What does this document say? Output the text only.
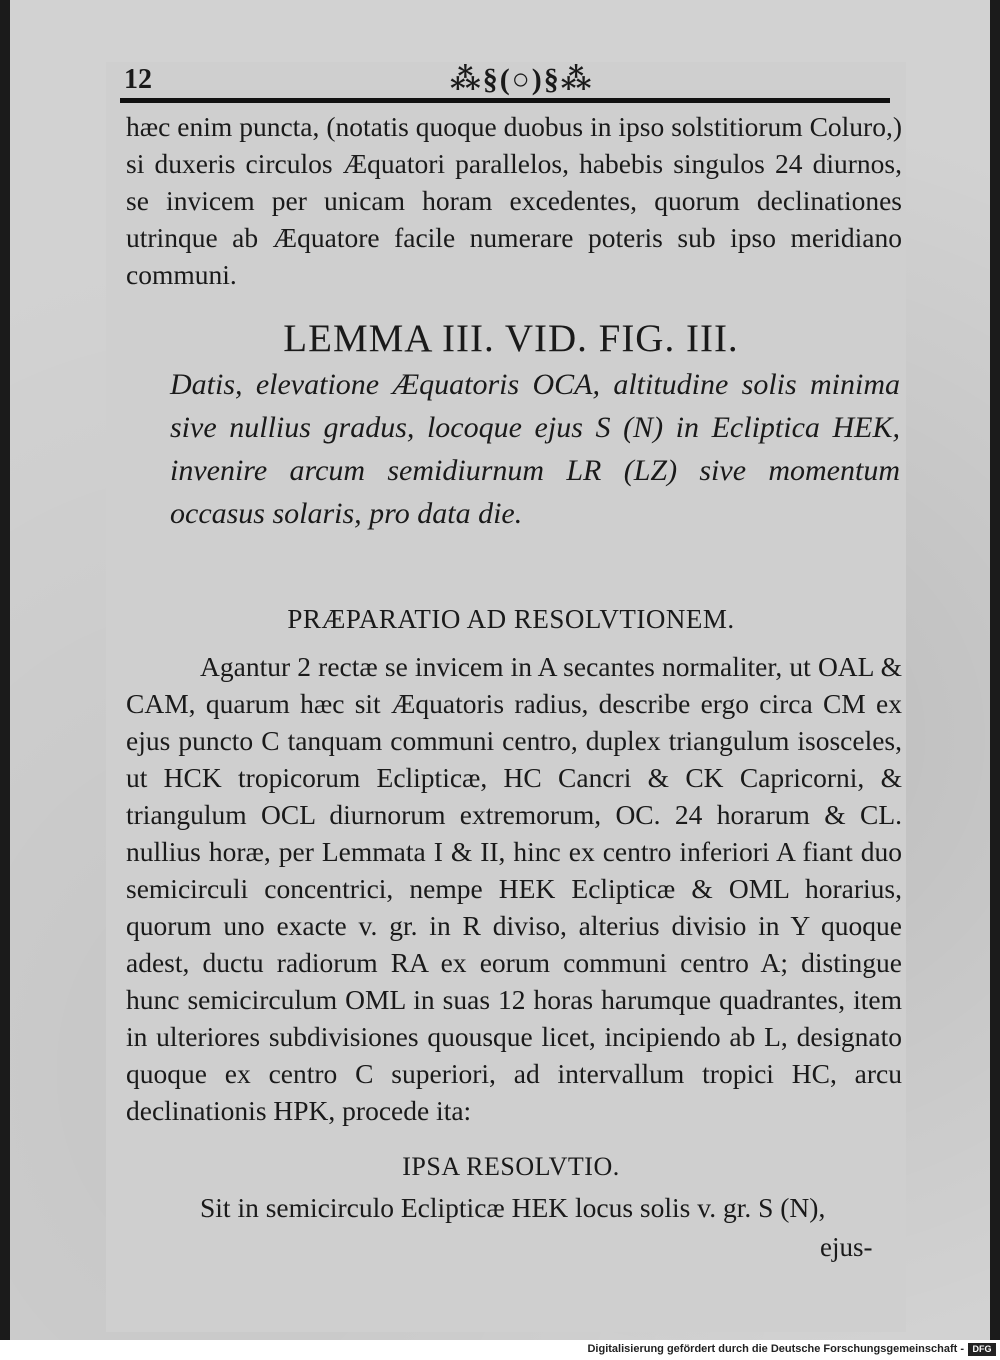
12	⁂§(○)§⁂

hæc enim puncta, (notatis quoque duobus in ipso solstitiorum Coluro,) si duxeris circulos Æquatori parallelos, habebis singulos 24 diurnos, se invicem per unicam horam excedentes, quorum declinationes utrinque ab Æquatore facile numerare poteris sub ipso meridiano communi.

LEMMA III. VID. FIG. III.
Datis, elevatione Æquatoris OCA, altitudine solis minima sive nullius gradus, locoque ejus S (N) in Ecliptica HEK, invenire arcum semidiurnum LR (LZ) sive momentum occasus solaris, pro data die.
PRÆPARATIO AD RESOLVTIONEM.

Agantur 2 rectæ se invicem in A secantes normaliter, ut OAL & CAM, quarum hæc sit Æquatoris radius, describe ergo circa CM ex ejus puncto C tanquam communi centro, duplex triangulum isosceles, ut HCK tropicorum Eclipticæ, HC Cancri & CK Capricorni, & triangulum OCL diurnorum extremorum, OC. 24 horarum & CL. nullius horæ, per Lemmata I & II, hinc ex centro inferiori A fiant duo semicirculi concentrici, nempe HEK Eclipticæ & OML horarius, quorum uno exacte v. gr. in R diviso, alterius divisio in Y quoque adest, ductu radiorum RA ex eorum communi centro A; distingue hunc semicirculum OML in suas 12 horas harumque quadrantes, item in ulteriores subdivisiones quousque licet, incipiendo ab L, designato quoque ex centro C superiori, ad intervallum tropici HC, arcu declinationis HPK, procede ita:

IPSA RESOLVTIO.

Sit in semicirculo Eclipticæ HEK locus solis v. gr. S (N),

ejus-
Digitalisierung gefördert durch die Deutsche Forschungsgemeinschaft - DFG
